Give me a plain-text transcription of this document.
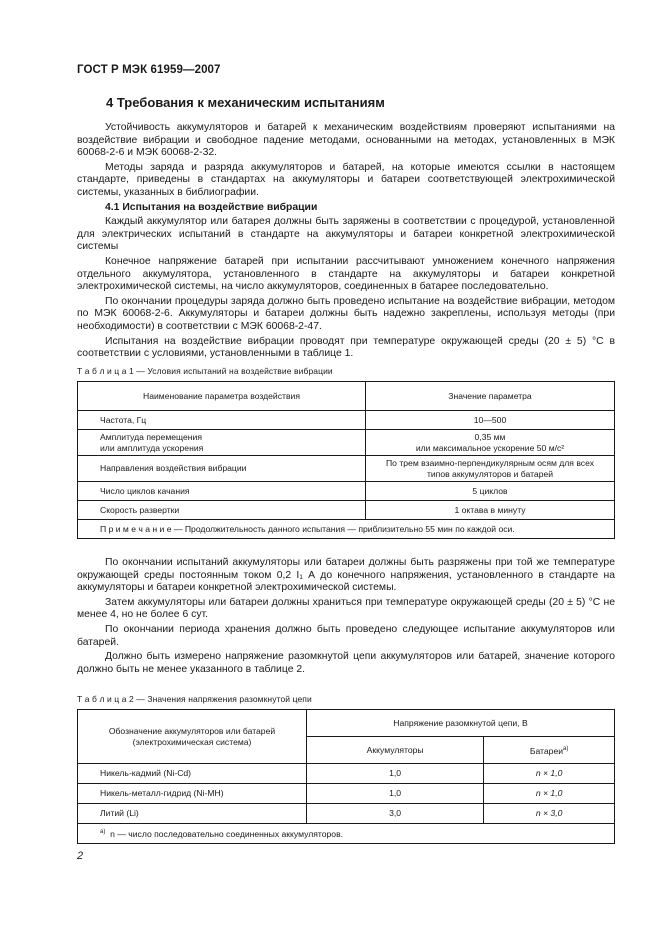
ГОСТ Р МЭК 61959—2007
4 Требования к механическим испытаниям

Устойчивость аккумуляторов и батарей к механическим воздействиям проверяют испытаниями на воздействие вибрации и свободное падение методами, основанными на методах, установленных в МЭК 60068-2-6 и МЭК 60068-2-32.

Методы заряда и разряда аккумуляторов и батарей, на которые имеются ссылки в настоящем стандарте, приведены в стандартах на аккумуляторы и батареи соответствующей электрохимической системы, указанных в библиографии.

4.1 Испытания на воздействие вибрации

Каждый аккумулятор или батарея должны быть заряжены в соответствии с процедурой, установленной для электрических испытаний в стандарте на аккумуляторы и батареи конкретной электрохимической системы

Конечное напряжение батарей при испытании рассчитывают умножением конечного напряжения отдельного аккумулятора, установленного в стандарте на аккумуляторы и батареи конкретной электрохимической системы, на число аккумуляторов, соединенных в батарее последовательно.

По окончании процедуры заряда должно быть проведено испытание на воздействие вибрации, методом по МЭК 60068-2-6. Аккумуляторы и батареи должны быть надежно закреплены, используя методы (при необходимости) в соответствии с МЭК 60068-2-47.

Испытания на воздействие вибрации проводят при температуре окружающей среды (20 ± 5) °С в соответствии с условиями, установленными в таблице 1.

Т а б л и ц а 1 — Условия испытаний на воздействие вибрации
Наименование параметра воздействия	Значение параметра
Частота, Гц	10—500
Амплитуда перемещения
или амплитуда ускорения	0,35 мм
или максимальное ускорение 50 м/с²
Направления воздействия вибрации	По трем взаимно-перпендикулярным осям для всех
типов аккумуляторов и батарей
Число циклов качания	5 циклов
Скорость развертки	1 октава в минуту
П р и м е ч а н и е — Продолжительность данного испытания — приблизительно 55 мин по каждой оси.	

По окончании испытаний аккумуляторы или батареи должны быть разряжены при той же температуре окружающей среды постоянным током 0,2 I₁ А до конечного напряжения, установленного в стандарте на аккумуляторы и батареи конкретной электрохимической системы.

Затем аккумуляторы или батареи должны храниться при температуре окружающей среды (20 ± 5) °С не менее 4, но не более 6 сут.

По окончании периода хранения должно быть проведено следующее испытание аккумуляторов или батарей.

Должно быть измерено напряжение разомкнутой цепи аккумуляторов или батарей, значение которого должно быть не менее указанного в таблице 2.

Т а б л и ц а 2 — Значения напряжения разомкнутой цепи
Обозначение аккумуляторов или батарей
(электрохимическая система)	Напряжение разомкнутой цепи, В	
	Аккумуляторы	Батареи$^{а)}$
Никель-кадмий (Ni-Cd)	1,0	n × 1,0
Никель-металл-гидрид (Ni-MH)	1,0	n × 1,0
Литий (Li)	3,0	n × 3,0
$^{а)}$ n — число последовательно соединенных аккумуляторов.		
2
